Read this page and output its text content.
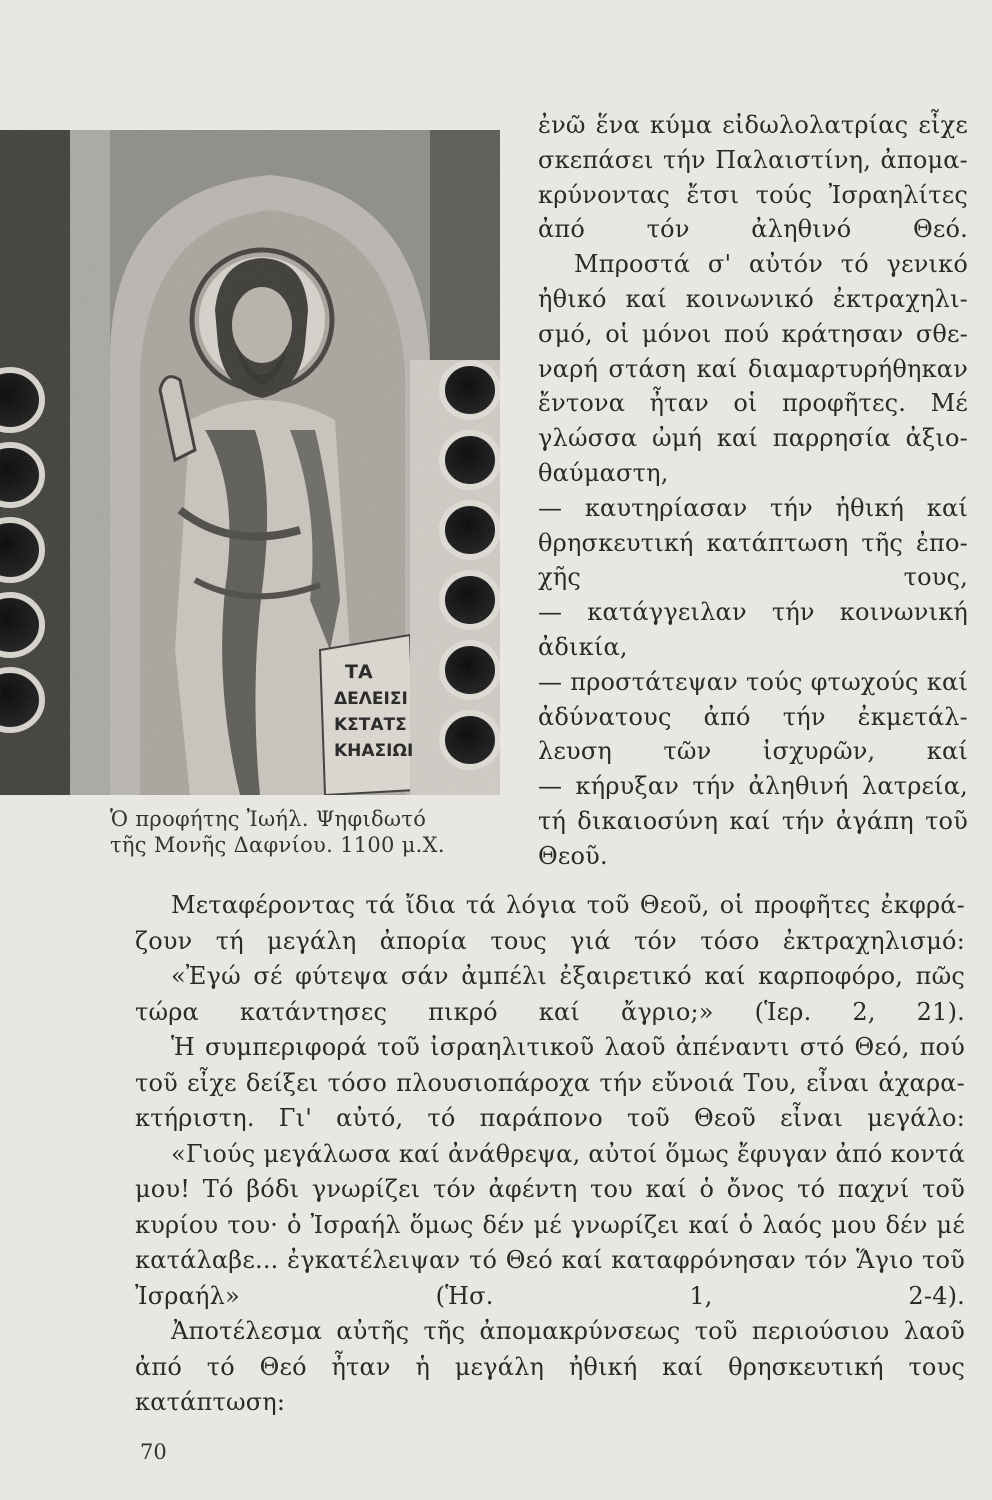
Ὁ προφήτης Ἰωήλ. Ψηφιδωτό
τῆς Μονῆς Δαφνίου. 1100 μ.Χ.

ἐνῶ ἕνα κύμα εἰδωλολατρίας εἶχε σκεπάσει τήν Παλαιστίνη, ἀπομα- κρύνοντας ἔτσι τούς Ἰσραηλίτες ἀπό τόν ἀληθινό Θεό.

Μπροστά σ' αὐτόν τό γενικό ἠθικό καί κοινωνικό ἐκτραχηλι- σμό, οἱ μόνοι πού κράτησαν σθε- ναρή στάση καί διαμαρτυρήθηκαν ἔντονα ἦταν οἱ προφῆτες. Μέ γλώσσα ὠμή καί παρρησία ἀξιο- θαύμαστη,

— καυτηρίασαν τήν ἠθική καί θρησκευτική κατάπτωση τῆς ἐπο- χῆς τους,

— κατάγγειλαν τήν κοινωνική ἀδικία,

— προστάτεψαν τούς φτωχούς καί ἀδύνατους ἀπό τήν ἐκμετάλ- λευση τῶν ἰσχυρῶν, καί

— κήρυξαν τήν ἀληθινή λατρεία, τή δικαιοσύνη καί τήν ἀγάπη τοῦ Θεοῦ.

Μεταφέροντας τά ἴδια τά λόγια τοῦ Θεοῦ, οἱ προφῆτες ἐκφρά- ζουν τή μεγάλη ἀπορία τους γιά τόν τόσο ἐκτραχηλισμό:

«Ἐγώ σέ φύτεψα σάν ἀμπέλι ἐξαιρετικό καί καρποφόρο, πῶς τώρα κατάντησες πικρό καί ἄγριο;» (Ἱερ. 2, 21).

Ἡ συμπεριφορά τοῦ ἰσραηλιτικοῦ λαοῦ ἀπέναντι στό Θεό, πού τοῦ εἶχε δείξει τόσο πλουσιοπάροχα τήν εὔνοιά Του, εἶναι ἀχαρα- κτήριστη. Γι' αὐτό, τό παράπονο τοῦ Θεοῦ εἶναι μεγάλο:

«Γιούς μεγάλωσα καί ἀνάθρεψα, αὐτοί ὅμως ἔφυγαν ἀπό κοντά μου! Τό βόδι γνωρίζει τόν ἀφέντη του καί ὁ ὄνος τό παχνί τοῦ κυρίου του· ὁ Ἰσραήλ ὅμως δέν μέ γνωρίζει καί ὁ λαός μου δέν μέ κατάλαβε... ἐγκατέλειψαν τό Θεό καί καταφρόνησαν τόν Ἅγιο τοῦ Ἰσραήλ» (Ἡσ. 1, 2-4).

Ἀποτέλεσμα αὐτῆς τῆς ἀπομακρύνσεως τοῦ περιούσιου λαοῦ ἀπό τό Θεό ἦταν ἡ μεγάλη ἠθική καί θρησκευτική τους κατάπτωση:

70
